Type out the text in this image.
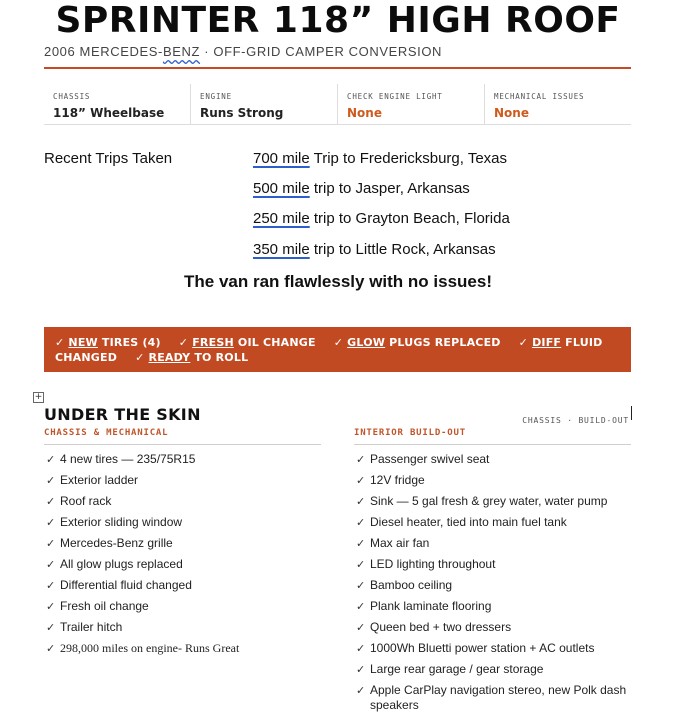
SPRINTER 118” HIGH ROOF
2006 MERCEDES-BENZ · OFF-GRID CAMPER CONVERSION
CHASSIS
118” Wheelbase
ENGINE
Runs Strong
CHECK ENGINE LIGHT
None
MECHANICAL ISSUES
None
Recent Trips Taken	700 mile Trip to Fredericksburg, Texas
500 mile trip to Jasper, Arkansas
250 mile trip to Grayton Beach, Florida
350 mile trip to Little Rock, Arkansas
The van ran flawlessly with no issues!
✓ NEW TIRES (4) ✓ FRESH OIL CHANGE ✓ GLOW PLUGS REPLACED ✓ DIFF FLUID CHANGED ✓ READY TO ROLL
+
UNDER THE SKIN	CHASSIS · BUILD-OUT
CHASSIS & MECHANICAL	INTERIOR BUILD-OUT
✓ 4 new tires — 235/75R15
✓ Exterior ladder
✓ Roof rack
✓ Exterior sliding window
✓ Mercedes-Benz grille
✓ All glow plugs replaced
✓ Differential fluid changed
✓ Fresh oil change
✓ Trailer hitch
✓ 298,000 miles on engine- Runs Great
✓ Passenger swivel seat
✓ 12V fridge
✓ Sink — 5 gal fresh & grey water, water pump
✓ Diesel heater, tied into main fuel tank
✓ Max air fan
✓ LED lighting throughout
✓ Bamboo ceiling
✓ Plank laminate flooring
✓ Queen bed + two dressers
✓ 1000Wh Bluetti power station + AC outlets
✓ Large rear garage / gear storage
✓ Apple CarPlay navigation stereo, new Polk dash speakers
